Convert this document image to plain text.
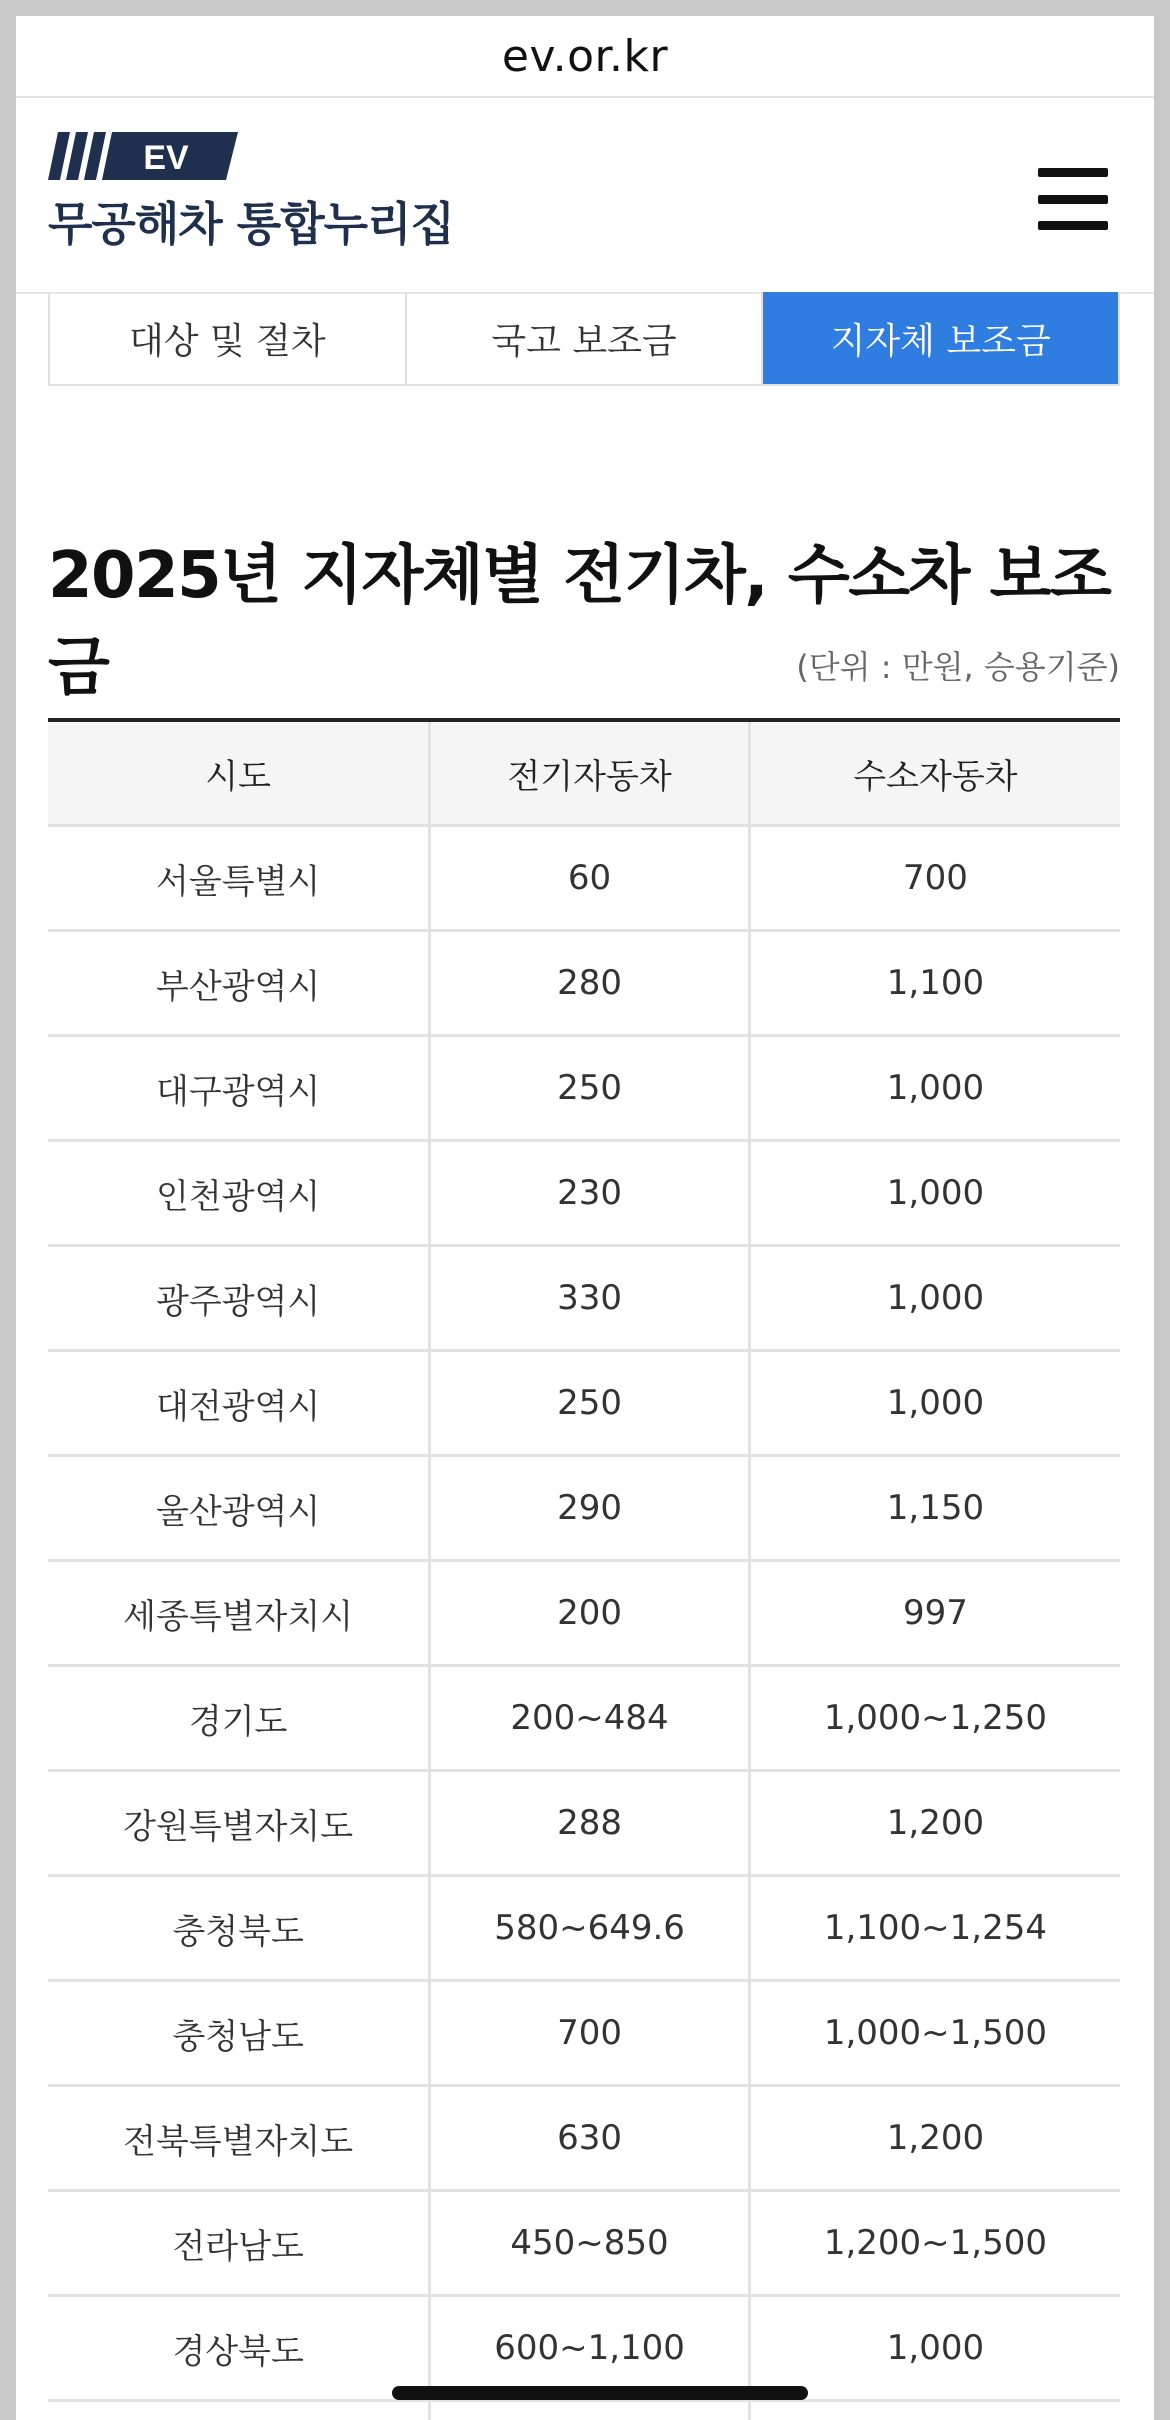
ev.or.kr
EV
무공해차 통합누리집
대상 및 절차	국고 보조금	지자체 보조금
2025년 지자체별 전기차, 수소차 보조금	(단위 : 만원, 승용기준)
시도	전기자동차	수소자동차
서울특별시	60	700
부산광역시	280	1,100
대구광역시	250	1,000
인천광역시	230	1,000
광주광역시	330	1,000
대전광역시	250	1,000
울산광역시	290	1,150
세종특별자치시	200	997
경기도	200~484	1,000~1,250
강원특별자치도	288	1,200
충청북도	580~649.6	1,100~1,254
충청남도	700	1,000~1,500
전북특별자치도	630	1,200
전라남도	450~850	1,200~1,500
경상북도	600~1,100	1,000
